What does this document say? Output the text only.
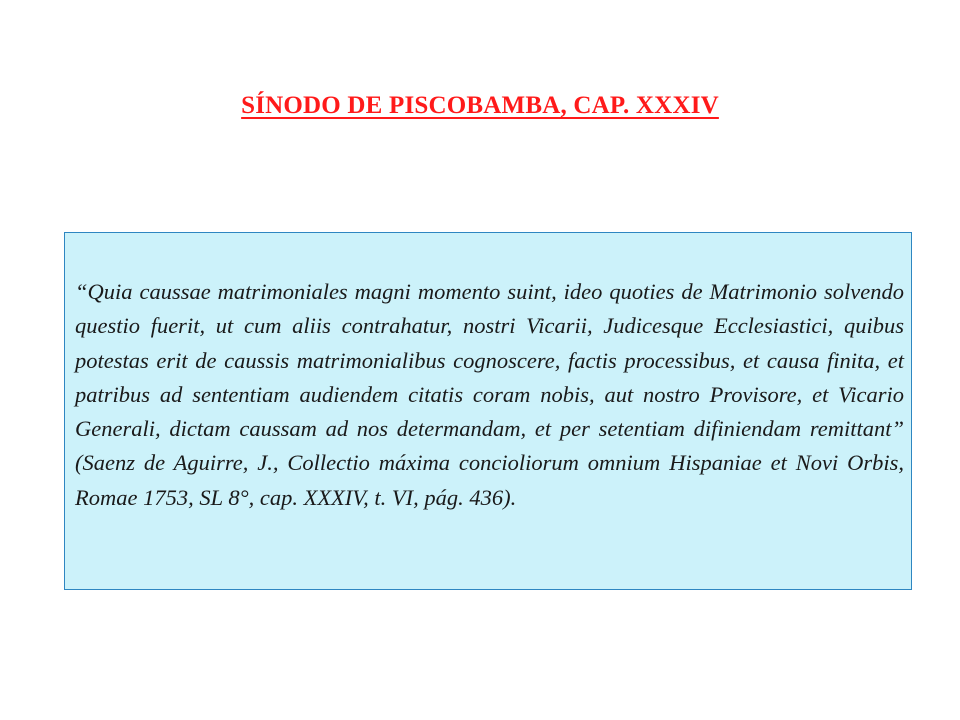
SÍNODO DE PISCOBAMBA, CAP. XXXIV

“Quia caussae matrimoniales magni momento suint, ideo quoties de Matrimonio solvendo questio fuerit, ut cum aliis contrahatur, nostri Vicarii, Judicesque Ecclesiastici, quibus potestas erit de caussis matrimonialibus cognoscere, factis processibus, et causa finita, et patribus ad sententiam audiendem citatis coram nobis, aut nostro Provisore, et Vicario Generali, dictam caussam ad nos determandam, et per setentiam difiniendam remittant” (Saenz de Aguirre, J., Collectio máxima concioliorum omnium Hispaniae et Novi Orbis, Romae 1753, SL 8°, cap. XXXIV, t. VI, pág. 436).
